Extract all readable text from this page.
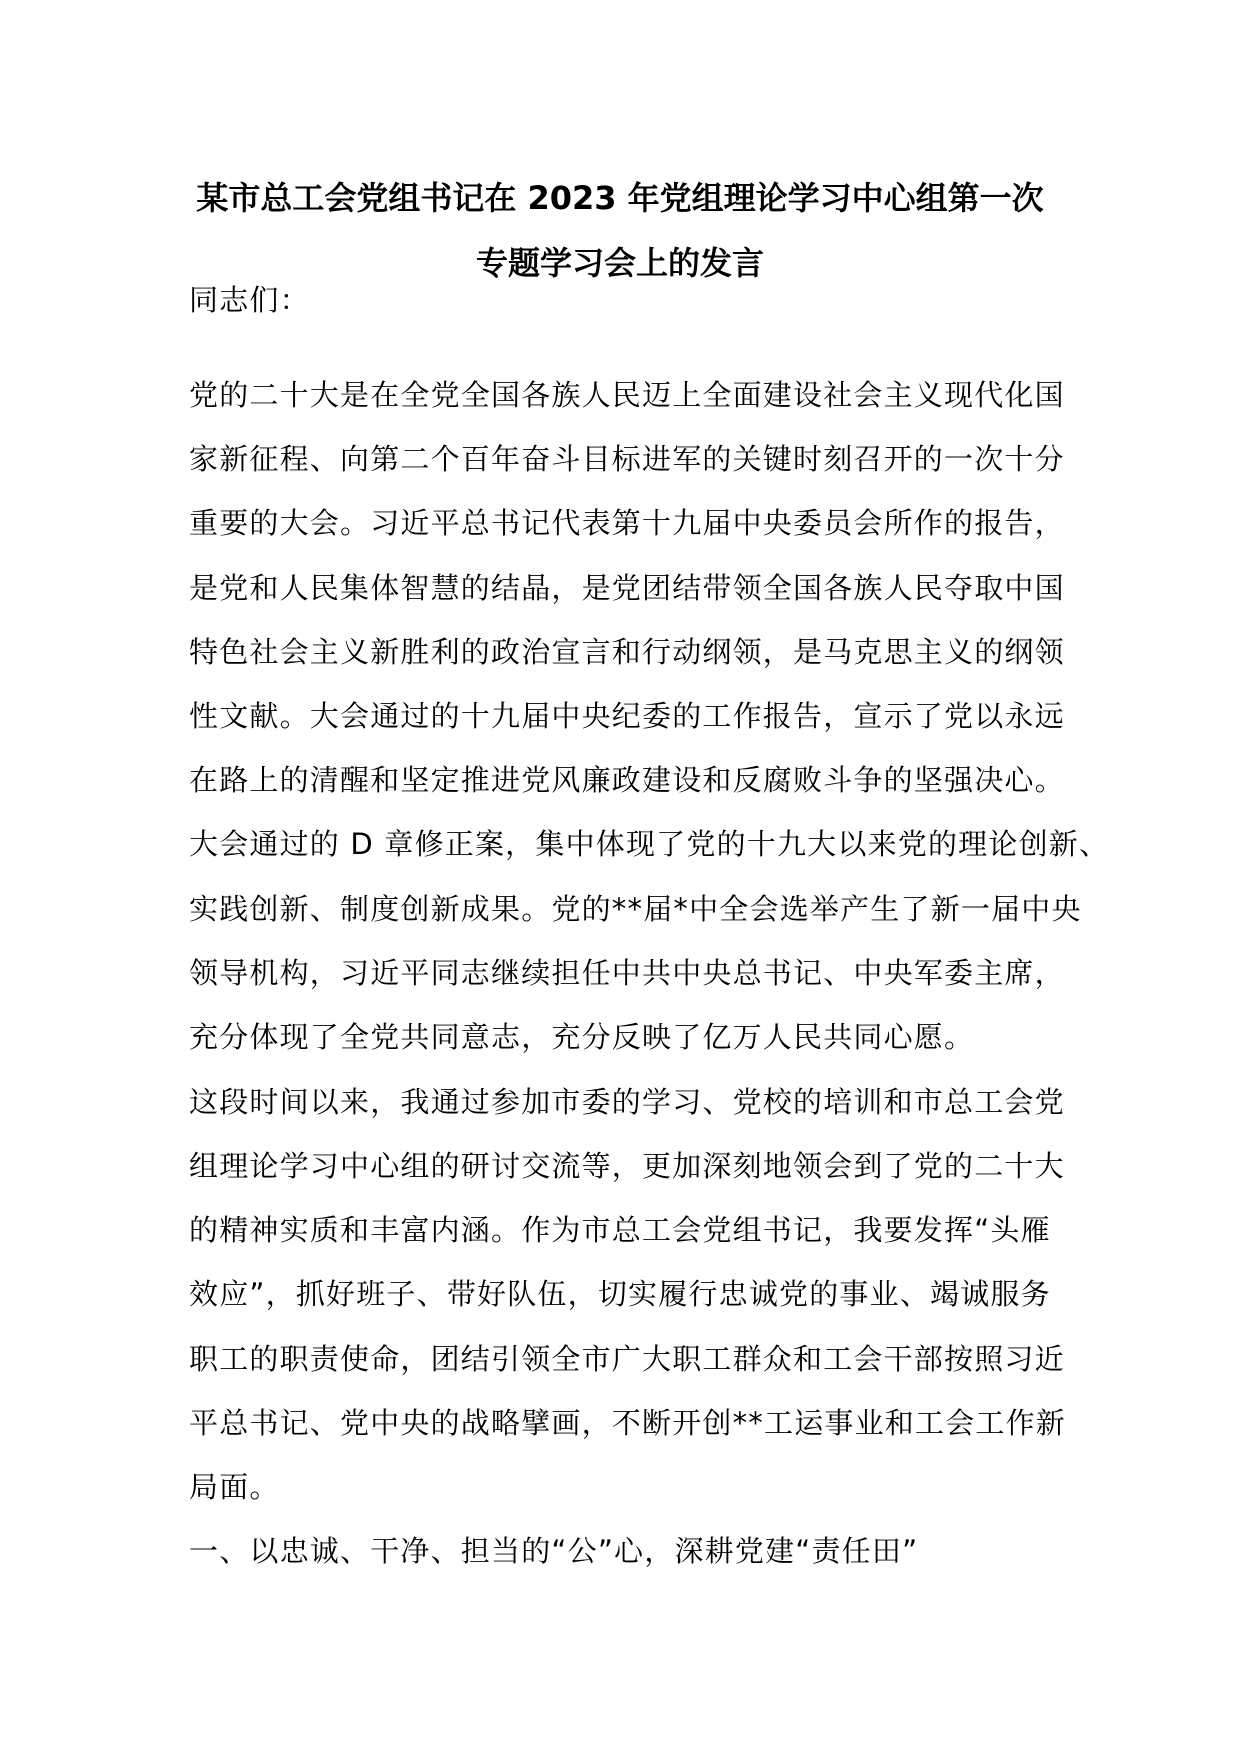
某市总工会党组书记在 2023 年党组理论学习中心组第一次
专题学习会上的发言
同志们：
党的二十大是在全党全国各族人民迈上全面建设社会主义现代化国
家新征程、向第二个百年奋斗目标进军的关键时刻召开的一次十分
重要的大会。习近平总书记代表第十九届中央委员会所作的报告，
是党和人民集体智慧的结晶，是党团结带领全国各族人民夺取中国
特色社会主义新胜利的政治宣言和行动纲领，是马克思主义的纲领
性文献。大会通过的十九届中央纪委的工作报告，宣示了党以永远
在路上的清醒和坚定推进党风廉政建设和反腐败斗争的坚强决心。
大会通过的 D 章修正案，集中体现了党的十九大以来党的理论创新、
实践创新、制度创新成果。党的**届*中全会选举产生了新一届中央
领导机构，习近平同志继续担任中共中央总书记、中央军委主席，
充分体现了全党共同意志，充分反映了亿万人民共同心愿。
这段时间以来，我通过参加市委的学习、党校的培训和市总工会党
组理论学习中心组的研讨交流等，更加深刻地领会到了党的二十大
的精神实质和丰富内涵。作为市总工会党组书记，我要发挥“头雁
效应”，抓好班子、带好队伍，切实履行忠诚党的事业、竭诚服务
职工的职责使命，团结引领全市广大职工群众和工会干部按照习近
平总书记、党中央的战略擘画，不断开创**工运事业和工会工作新
局面。
一、以忠诚、干净、担当的“公”心，深耕党建“责任田”
